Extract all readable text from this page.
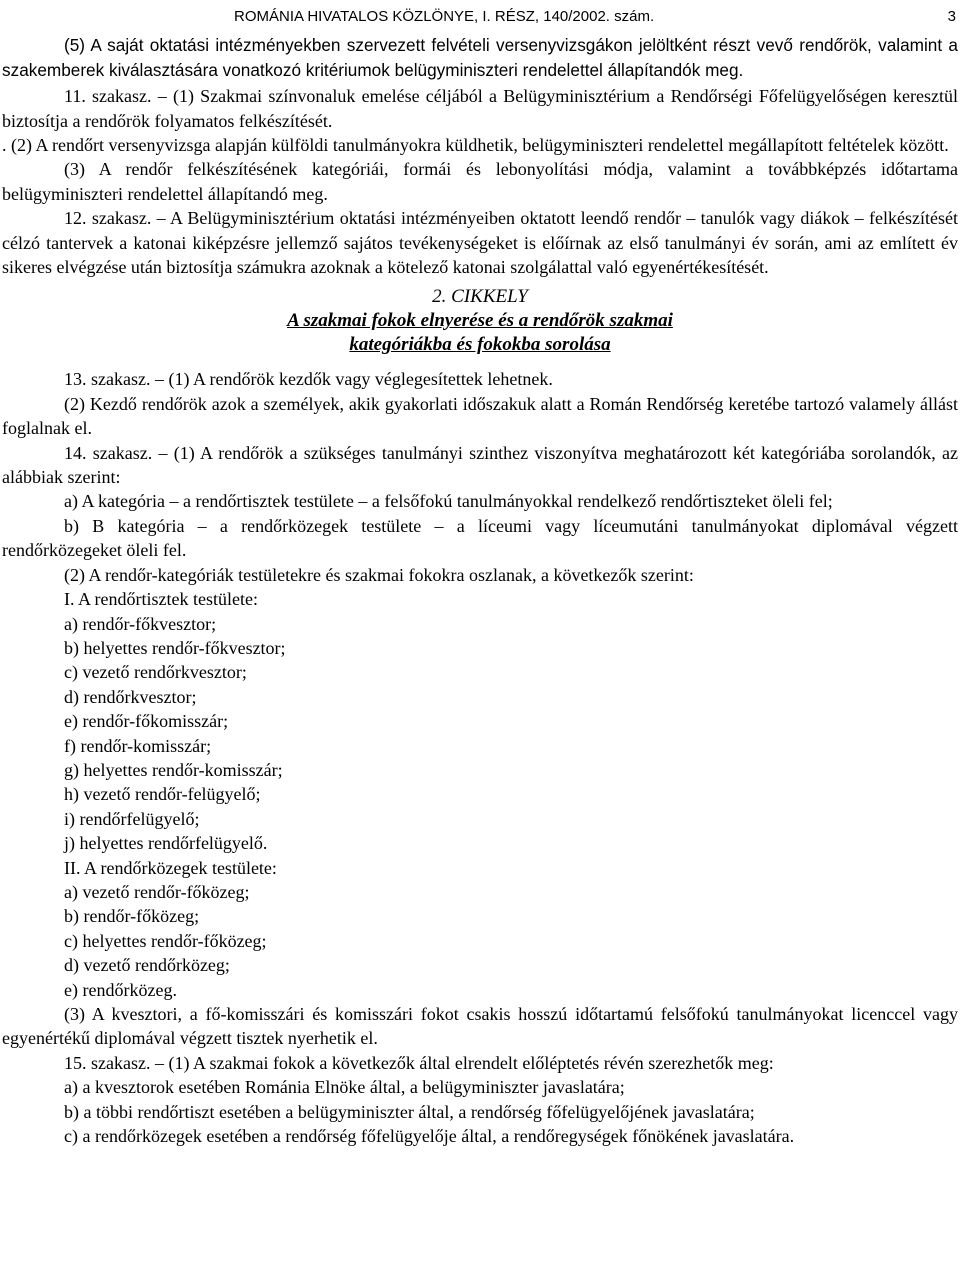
ROMÁNIA HIVATALOS KÖZLÖNYE, I. RÉSZ, 140/2002. szám.	3

(5) A saját oktatási intézményekben szervezett felvételi versenyvizsgákon jelöltként részt vevő rendőrök, valamint a szakemberek kiválasztására vonatkozó kritériumok belügyminiszteri rendelettel állapítandók meg.

11. szakasz. – (1) Szakmai színvonaluk emelése céljából a Belügyminisztérium a Rendőrségi Főfelügyelőségen keresztül biztosítja a rendőrök folyamatos felkészítését.

. (2) A rendőrt versenyvizsga alapján külföldi tanulmányokra küldhetik, belügyminiszteri rendelettel megállapított feltételek között.

(3) A rendőr felkészítésének kategóriái, formái és lebonyolítási módja, valamint a továbbképzés időtartama belügyminiszteri rendelettel állapítandó meg.

12. szakasz. – A Belügyminisztérium oktatási intézményeiben oktatott leendő rendőr – tanulók vagy diákok – felkészítését célzó tantervek a katonai kiképzésre jellemző sajátos tevékenységeket is előírnak az első tanulmányi év során, ami az említett év sikeres elvégzése után biztosítja számukra azoknak a kötelező katonai szolgálattal való egyenértékesítését.

2. CIKKELY
A szakmai fokok elnyerése és a rendőrök szakmai
kategóriákba és fokokba sorolása

13. szakasz. – (1) A rendőrök kezdők vagy véglegesítettek lehetnek.

(2) Kezdő rendőrök azok a személyek, akik gyakorlati időszakuk alatt a Román Rendőrség keretébe tartozó valamely állást foglalnak el.

14. szakasz. – (1) A rendőrök a szükséges tanulmányi szinthez viszonyítva meghatározott két kategóriába sorolandók, az alábbiak szerint:

a) A kategória – a rendőrtisztek testülete – a felsőfokú tanulmányokkal rendelkező rendőrtiszteket öleli fel;

b) B kategória – a rendőrközegek testülete – a líceumi vagy líceumutáni tanulmányokat diplomával végzett rendőrközegeket öleli fel.

(2) A rendőr-kategóriák testületekre és szakmai fokokra oszlanak, a következők szerint:

I. A rendőrtisztek testülete:

a) rendőr-főkvesztor;

b) helyettes rendőr-főkvesztor;

c) vezető rendőrkvesztor;

d) rendőrkvesztor;

e) rendőr-főkomisszár;

f) rendőr-komisszár;

g) helyettes rendőr-komisszár;

h) vezető rendőr-felügyelő;

i) rendőrfelügyelő;

j) helyettes rendőrfelügyelő.

II. A rendőrközegek testülete:

a) vezető rendőr-főközeg;

b) rendőr-főközeg;

c) helyettes rendőr-főközeg;

d) vezető rendőrközeg;

e) rendőrközeg.

(3) A kvesztori, a fő-komisszári és komisszári fokot csakis hosszú időtartamú felsőfokú tanulmányokat licenccel vagy egyenértékű diplomával végzett tisztek nyerhetik el.

15. szakasz. – (1) A szakmai fokok a következők által elrendelt előléptetés révén szerezhetők meg:

a) a kvesztorok esetében Románia Elnöke által, a belügyminiszter javaslatára;

b) a többi rendőrtiszt esetében a belügyminiszter által, a rendőrség főfelügyelőjének javaslatára;

c) a rendőrközegek esetében a rendőrség főfelügyelője által, a rendőregységek főnökének javaslatára.
